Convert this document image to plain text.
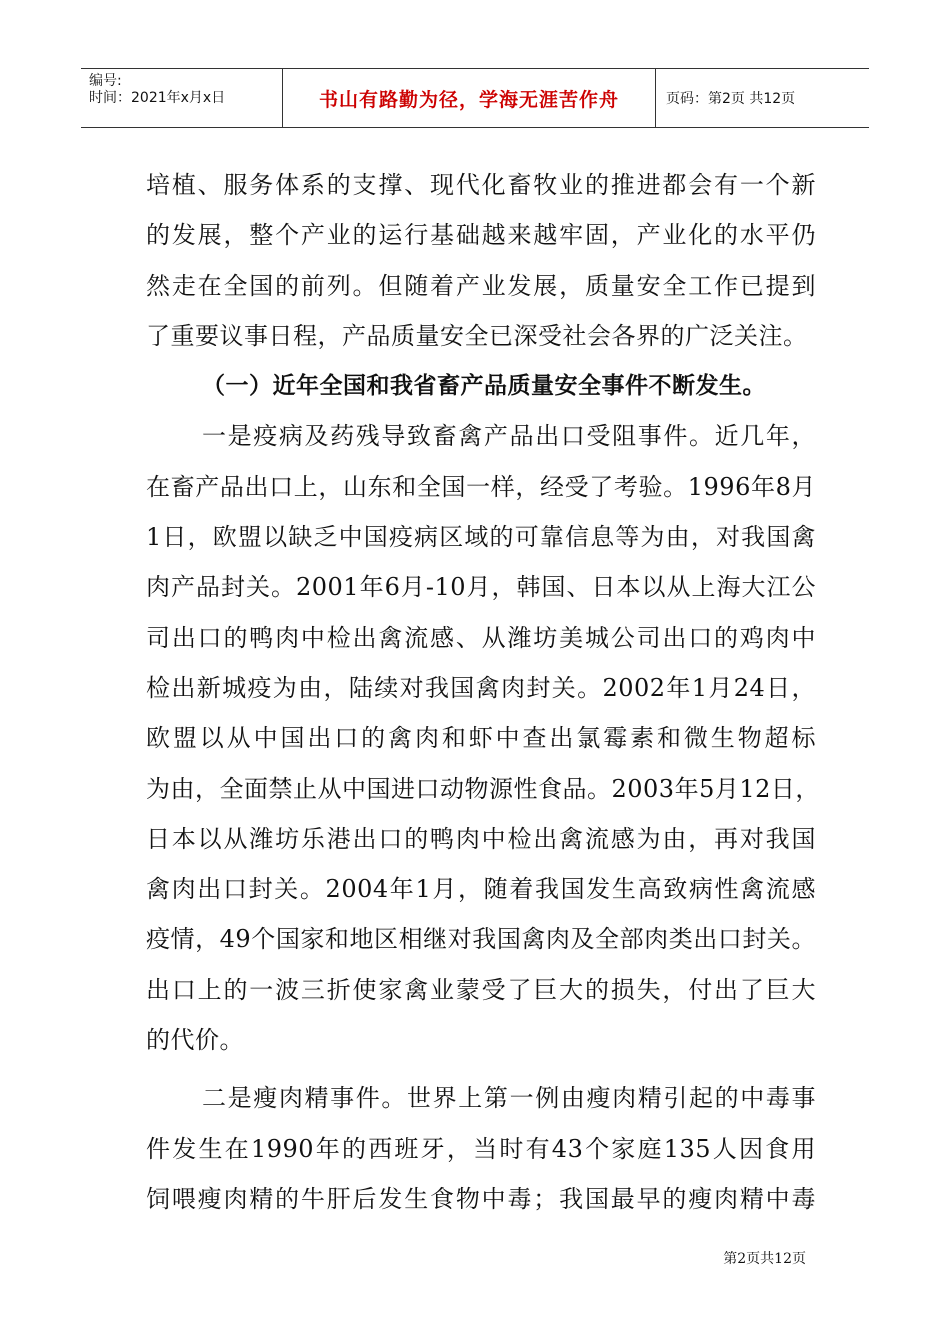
编号:
时间：2021年x月x日	书山有路勤为径，学海无涯苦作舟	页码：第2页 共12页
培植、服务体系的支撑、现代化畜牧业的推进都会有一个新
的发展，整个产业的运行基础越来越牢固，产业化的水平仍
然走在全国的前列。但随着产业发展，质量安全工作已提到
了重要议事日程，产品质量安全已深受社会各界的广泛关注。
（一）近年全国和我省畜产品质量安全事件不断发生。
一是疫病及药残导致畜禽产品出口受阻事件。近几年，
在畜产品出口上，山东和全国一样，经受了考验。1996年8月
1日，欧盟以缺乏中国疫病区域的可靠信息等为由，对我国禽
肉产品封关。2001年6月-10月，韩国、日本以从上海大江公
司出口的鸭肉中检出禽流感、从潍坊美城公司出口的鸡肉中
检出新城疫为由，陆续对我国禽肉封关。2002年1月24日，
欧盟以从中国出口的禽肉和虾中查出氯霉素和微生物超标
为由，全面禁止从中国进口动物源性食品。2003年5月12日，
日本以从潍坊乐港出口的鸭肉中检出禽流感为由，再对我国
禽肉出口封关。2004年1月，随着我国发生高致病性禽流感
疫情，49个国家和地区相继对我国禽肉及全部肉类出口封关。
出口上的一波三折使家禽业蒙受了巨大的损失，付出了巨大
的代价。
二是瘦肉精事件。世界上第一例由瘦肉精引起的中毒事
件发生在1990年的西班牙，当时有43个家庭135人因食用
饲喂瘦肉精的牛肝后发生食物中毒；我国最早的瘦肉精中毒
第2页共12页
